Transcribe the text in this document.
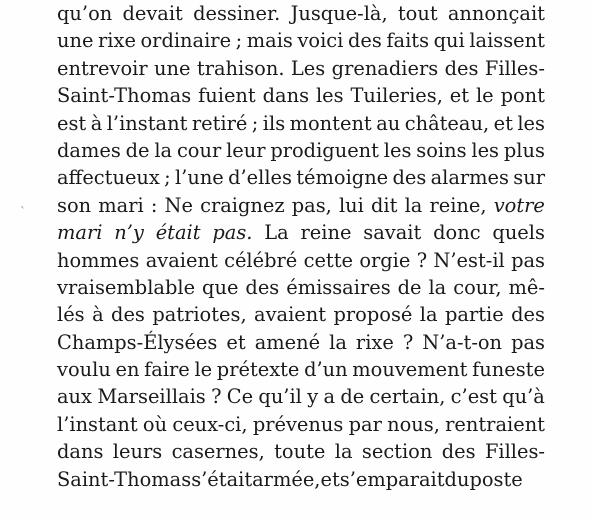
qu’on devait dessiner. Jusque-là, tout annonçait
une rixe ordinaire ; mais voici des faits qui laissent
entrevoir une trahison. Les grenadiers des Filles-
Saint-Thomas fuient dans les Tuileries, et le pont
est à l’instant retiré ; ils montent au château, et les
dames de la cour leur prodiguent les soins les plus
affectueux ; l’une d’elles témoigne des alarmes sur
son mari : Ne craignez pas, lui dit la reine, votre
mari n’y était pas. La reine savait donc quels
hommes avaient célébré cette orgie ? N’est-il pas
vraisemblable que des émissaires de la cour, mê-
lés à des patriotes, avaient proposé la partie des
Champs-Élysées et amené la rixe ? N’a-t-on pas
voulu en faire le prétexte d’un mouvement funeste
aux Marseillais ? Ce qu’il y a de certain, c’est qu’à
l’instant où ceux-ci, prévenus par nous, rentraient
dans leurs casernes, toute la section des Filles-
Saint-Thomas s’était armée, et s’emparait du poste
`
